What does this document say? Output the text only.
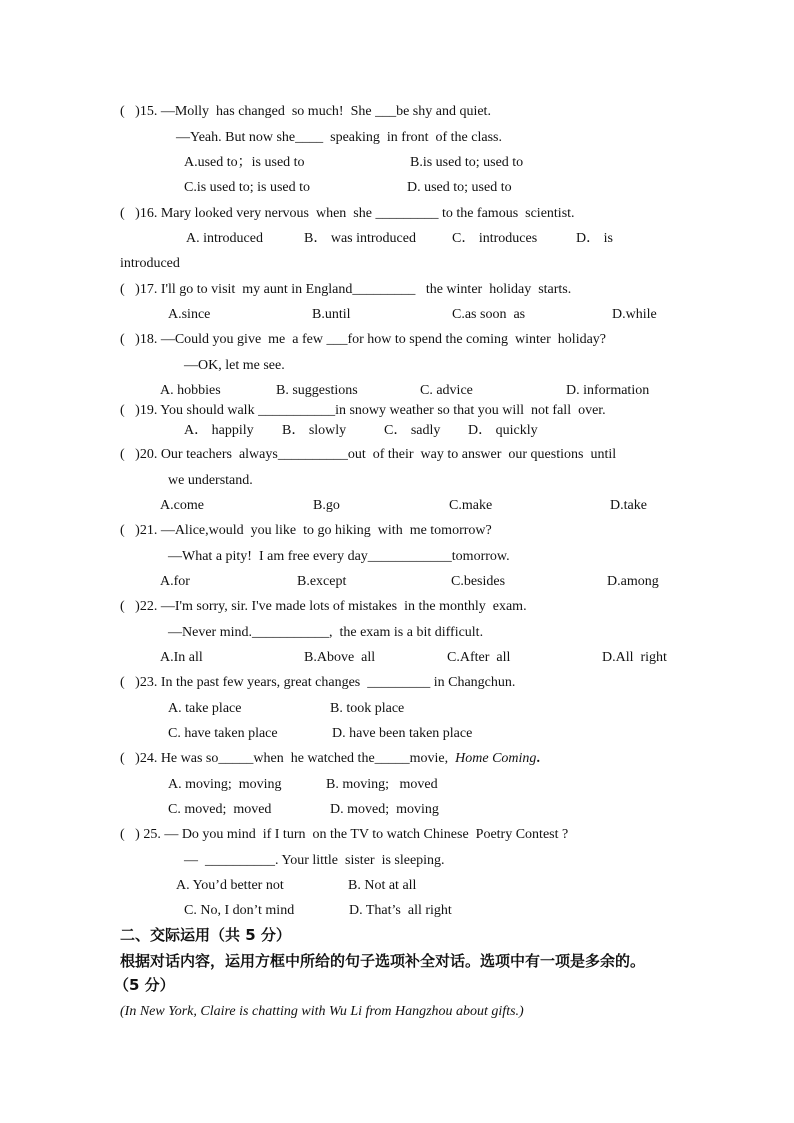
(   )15. —Molly  has changed  so much!  She ___be shy and quiet.
—Yeah. But now she____  speaking  in front  of the class.
A.used to；is used to	B.is used to; used to
C.is used to; is used to	D. used to; used to
(   )16. Mary looked very nervous  when  she _________ to the famous  scientist.
A. introduced	B． was introduced	C． introduces	D． is
introduced
(   )17. I'll go to visit  my aunt in England_________   the winter  holiday  starts.
A.since	B.until	C.as soon  as	D.while
(   )18. —Could you give  me  a few ___for how to spend the coming  winter  holiday?
—OK, let me see.
A. hobbies	B. suggestions	C. advice	D. information
(   )19. You should walk ___________in snowy weather so that you will  not fall  over.
A． happily B． slowly	C． sadly D． quickly
(   )20. Our teachers  always__________out  of their  way to answer  our questions  until
we understand.
A.come	B.go	C.make	D.take
(   )21. —Alice,would  you like  to go hiking  with  me tomorrow?
—What a pity!  I am free every day____________tomorrow.
A.for	B.except	C.besides	D.among
(   )22. —I'm sorry, sir. I've made lots of mistakes  in the monthly  exam.
—Never mind.___________,  the exam is a bit difficult.
A.In all	B.Above  all	C.After  all	D.All  right
(   )23. In the past few years, great changes  _________ in Changchun.
A. take place	B. took place
C. have taken place	D. have been taken place
(   )24. He was so_____when  he watched the_____movie,  Home Coming.
A. moving;  moving	B. moving;   moved
C. moved;  moved	D. moved;  moving
(   ) 25. — Do you mind  if I turn  on the TV to watch Chinese  Poetry Contest ?
—  __________. Your little  sister  is sleeping.
A. You’d better not	B. Not at all
C. No, I don’t mind	D. That’s  all right
二、交际运用（共 5 分）
根据对话内容，运用方框中所给的句子选项补全对话。选项中有一项是多余的。
（5 分）
(In New York, Claire is chatting with Wu Li from Hangzhou about gifts.)
